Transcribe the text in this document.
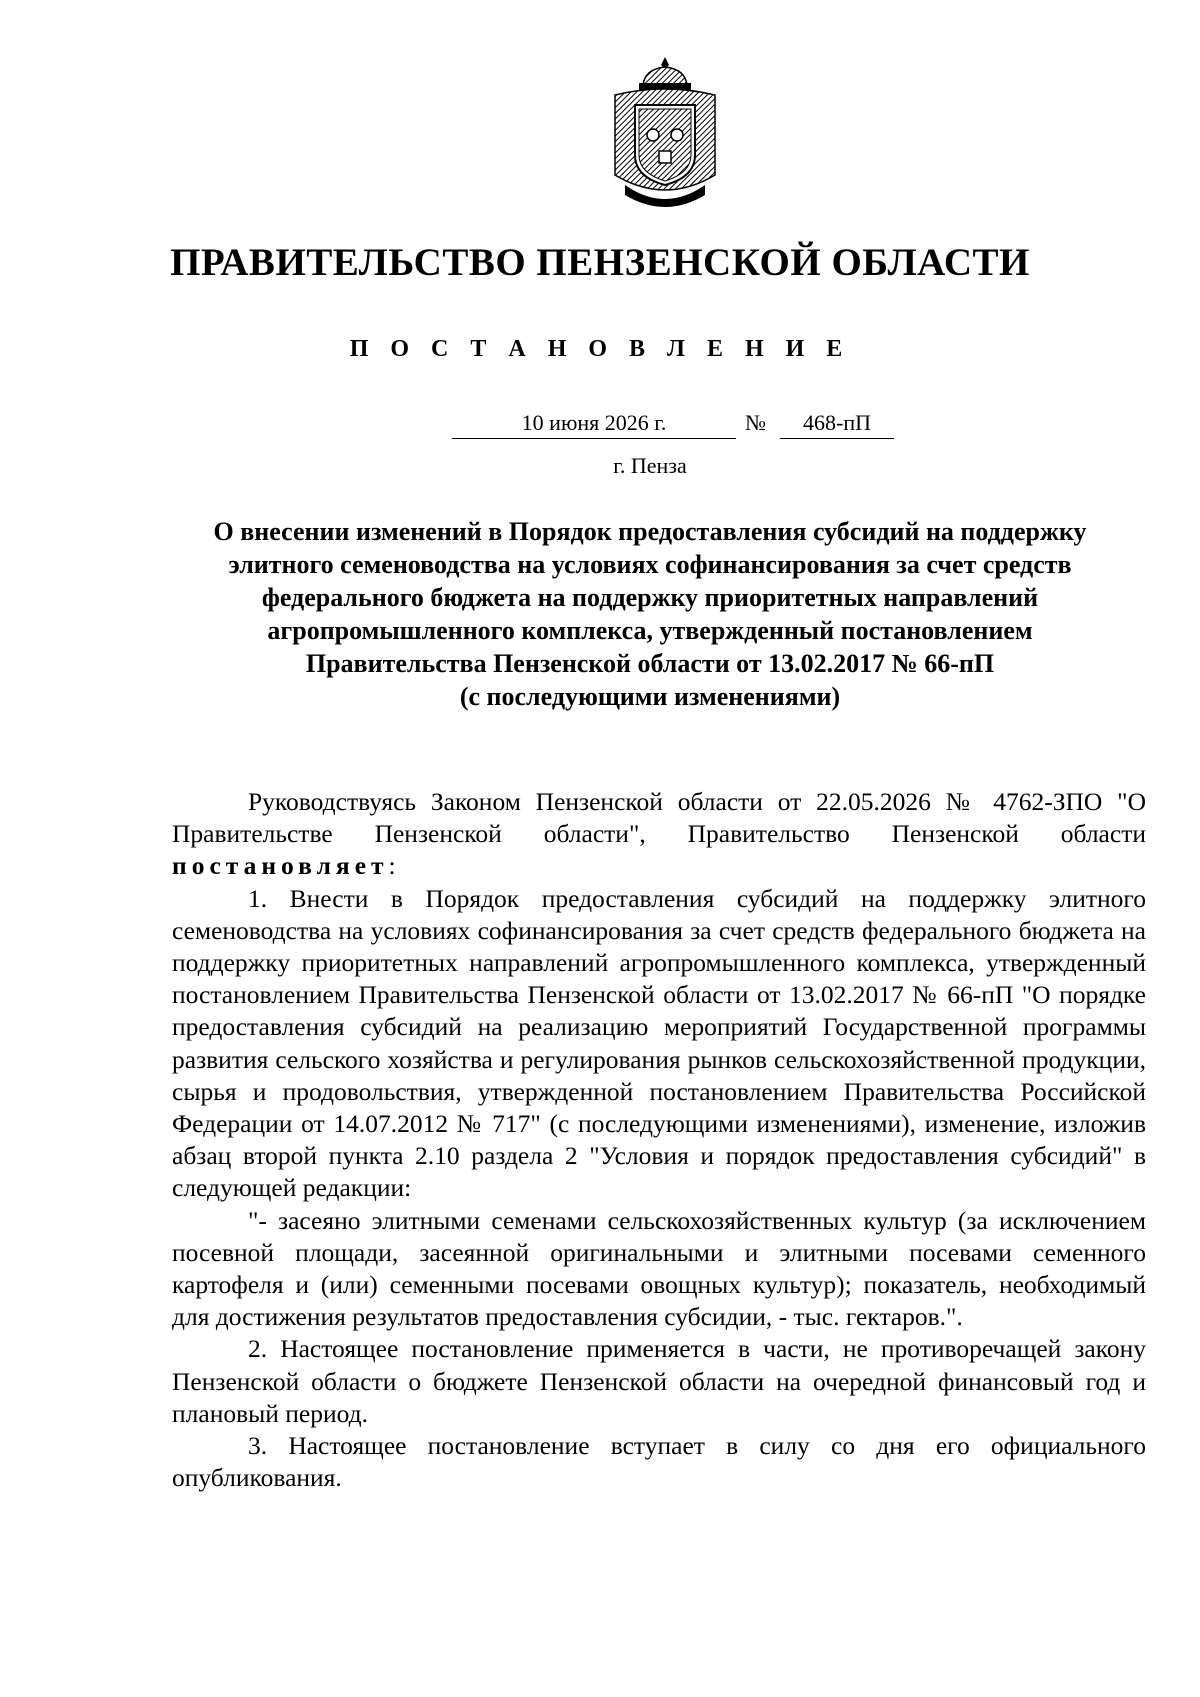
ПРАВИТЕЛЬСТВО ПЕНЗЕНСКОЙ ОБЛАСТИ
П О С Т А Н О В Л Е Н И Е
10 июня 2026 г.	№	468-пП
г. Пенза
О внесении изменений в Порядок предоставления субсидий на поддержку
элитного семеноводства на условиях софинансирования за счет средств
федерального бюджета на поддержку приоритетных направлений
агропромышленного комплекса, утвержденный постановлением
Правительства Пензенской области от 13.02.2017 № 66-пП
(с последующими изменениями)

Руководствуясь Законом Пензенской области от 22.05.2026 № 4762-ЗПО "О Правительстве Пензенской области", Правительство Пензенской области постановляет:

1. Внести в Порядок предоставления субсидий на поддержку элитного семеноводства на условиях софинансирования за счет средств федерального бюджета на поддержку приоритетных направлений агропромышленного комплекса, утвержденный постановлением Правительства Пензенской области от 13.02.2017 № 66-пП "О порядке предоставления субсидий на реализацию мероприятий Государственной программы развития сельского хозяйства и регулирования рынков сельскохозяйственной продукции, сырья и продовольствия, утвержденной постановлением Правительства Российской Федерации от 14.07.2012 № 717" (с последующими изменениями), изменение, изложив абзац второй пункта 2.10 раздела 2 "Условия и порядок предоставления субсидий" в следующей редакции:

"- засеяно элитными семенами сельскохозяйственных культур (за исключением посевной площади, засеянной оригинальными и элитными посевами семенного картофеля и (или) семенными посевами овощных культур); показатель, необходимый для достижения результатов предоставления субсидии, - тыс. гектаров.".

2. Настоящее постановление применяется в части, не противоречащей закону Пензенской области о бюджете Пензенской области на очередной финансовый год и плановый период.

3. Настоящее постановление вступает в силу со дня его официального опубликования.
